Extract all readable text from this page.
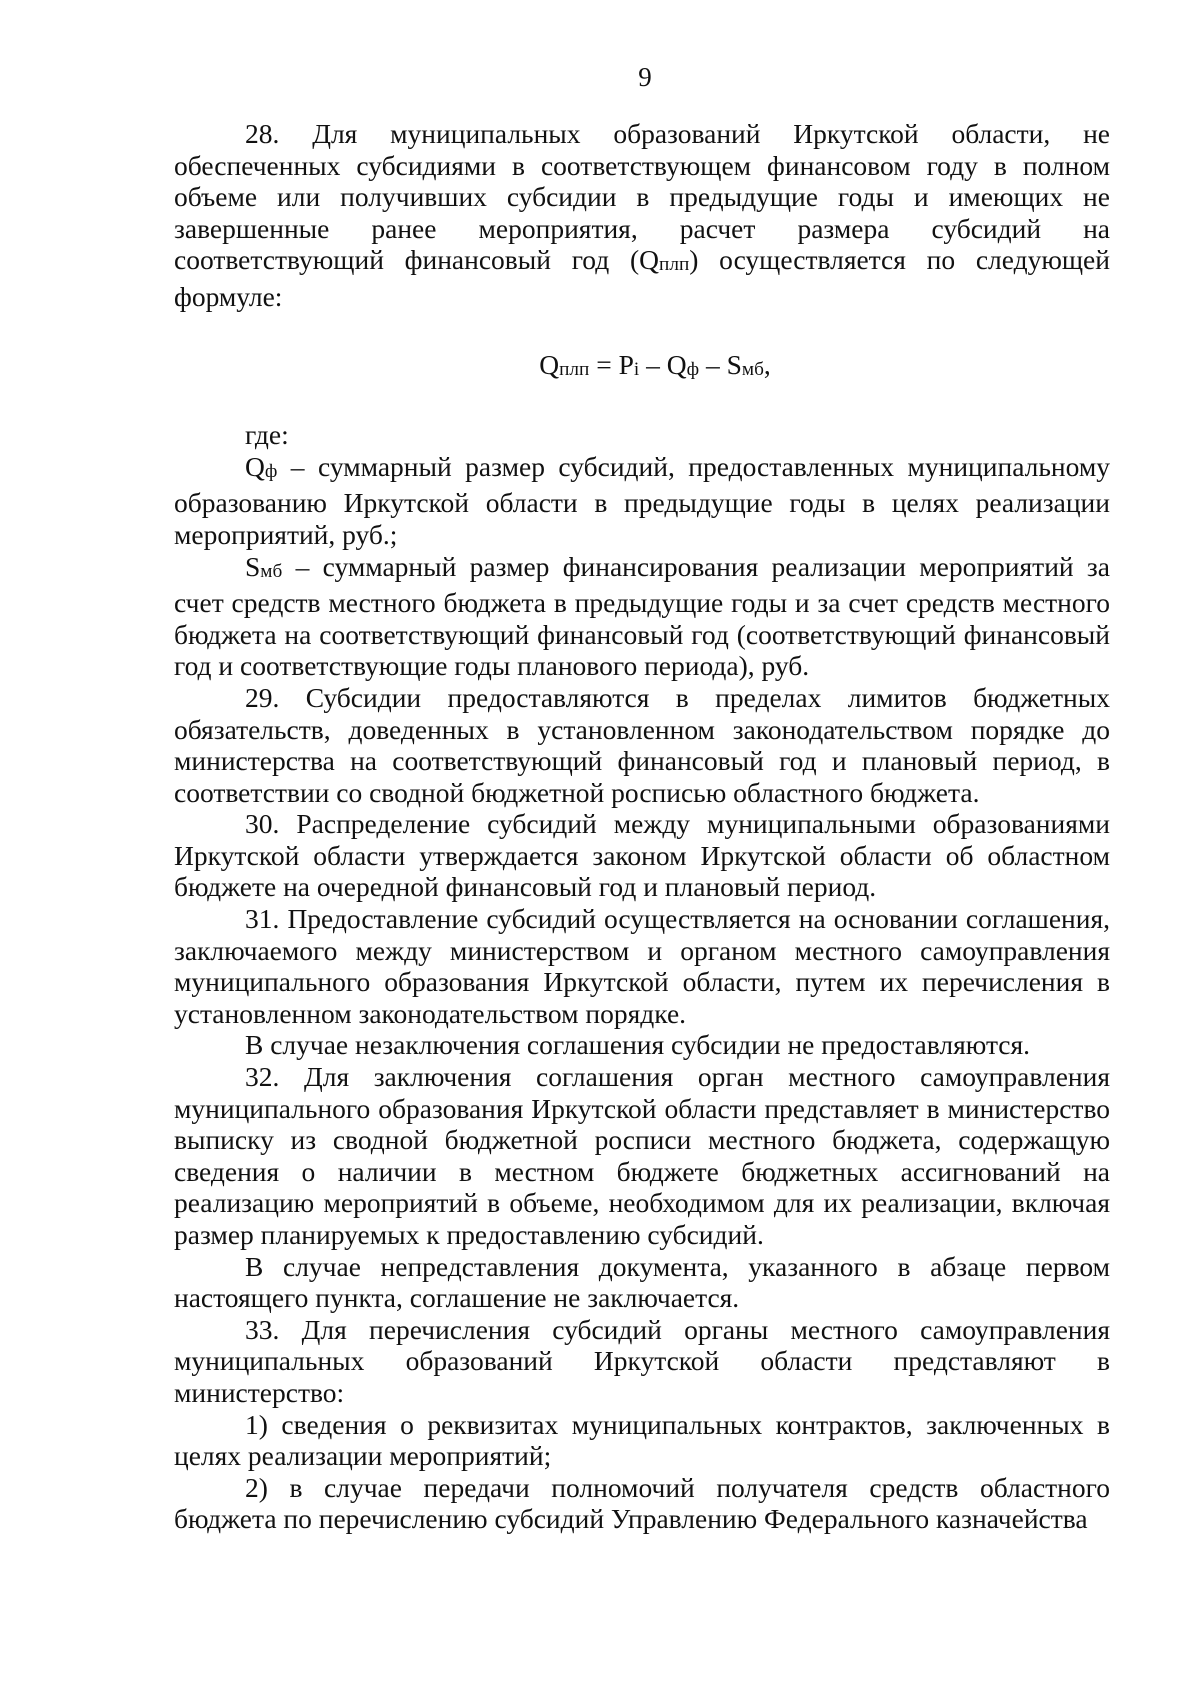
9

28. Для муниципальных образований Иркутской области, не обеспеченных субсидиями в соответствующем финансовом году в полном объеме или получивших субсидии в предыдущие годы и имеющих не завершенные ранее мероприятия, расчет размера субсидий на соответствующий финансовый год (Qплп) осуществляется по следующей формуле:

Qплп = Pi – Qф – Sмб,

где:

Qф – суммарный размер субсидий, предоставленных муниципальному образованию Иркутской области в предыдущие годы в целях реализации мероприятий, руб.;

Sмб – суммарный размер финансирования реализации мероприятий за счет средств местного бюджета в предыдущие годы и за счет средств местного бюджета на соответствующий финансовый год (соответствующий финансовый год и соответствующие годы планового периода), руб.

29. Субсидии предоставляются в пределах лимитов бюджетных обязательств, доведенных в установленном законодательством порядке до министерства на соответствующий финансовый год и плановый период, в соответствии со сводной бюджетной росписью областного бюджета.

30. Распределение субсидий между муниципальными образованиями Иркутской области утверждается законом Иркутской области об областном бюджете на очередной финансовый год и плановый период.

31. Предоставление субсидий осуществляется на основании соглашения, заключаемого между министерством и органом местного самоуправления муниципального образования Иркутской области, путем их перечисления в установленном законодательством порядке.

В случае незаключения соглашения субсидии не предоставляются.

32. Для заключения соглашения орган местного самоуправления муниципального образования Иркутской области представляет в министерство выписку из сводной бюджетной росписи местного бюджета, содержащую сведения о наличии в местном бюджете бюджетных ассигнований на реализацию мероприятий в объеме, необходимом для их реализации, включая размер планируемых к предоставлению субсидий.

В случае непредставления документа, указанного в абзаце первом настоящего пункта, соглашение не заключается.

33. Для перечисления субсидий органы местного самоуправления муниципальных образований Иркутской области представляют в министерство:

1) сведения о реквизитах муниципальных контрактов, заключенных в целях реализации мероприятий;

2) в случае передачи полномочий получателя средств областного бюджета по перечислению субсидий Управлению Федерального казначейства
